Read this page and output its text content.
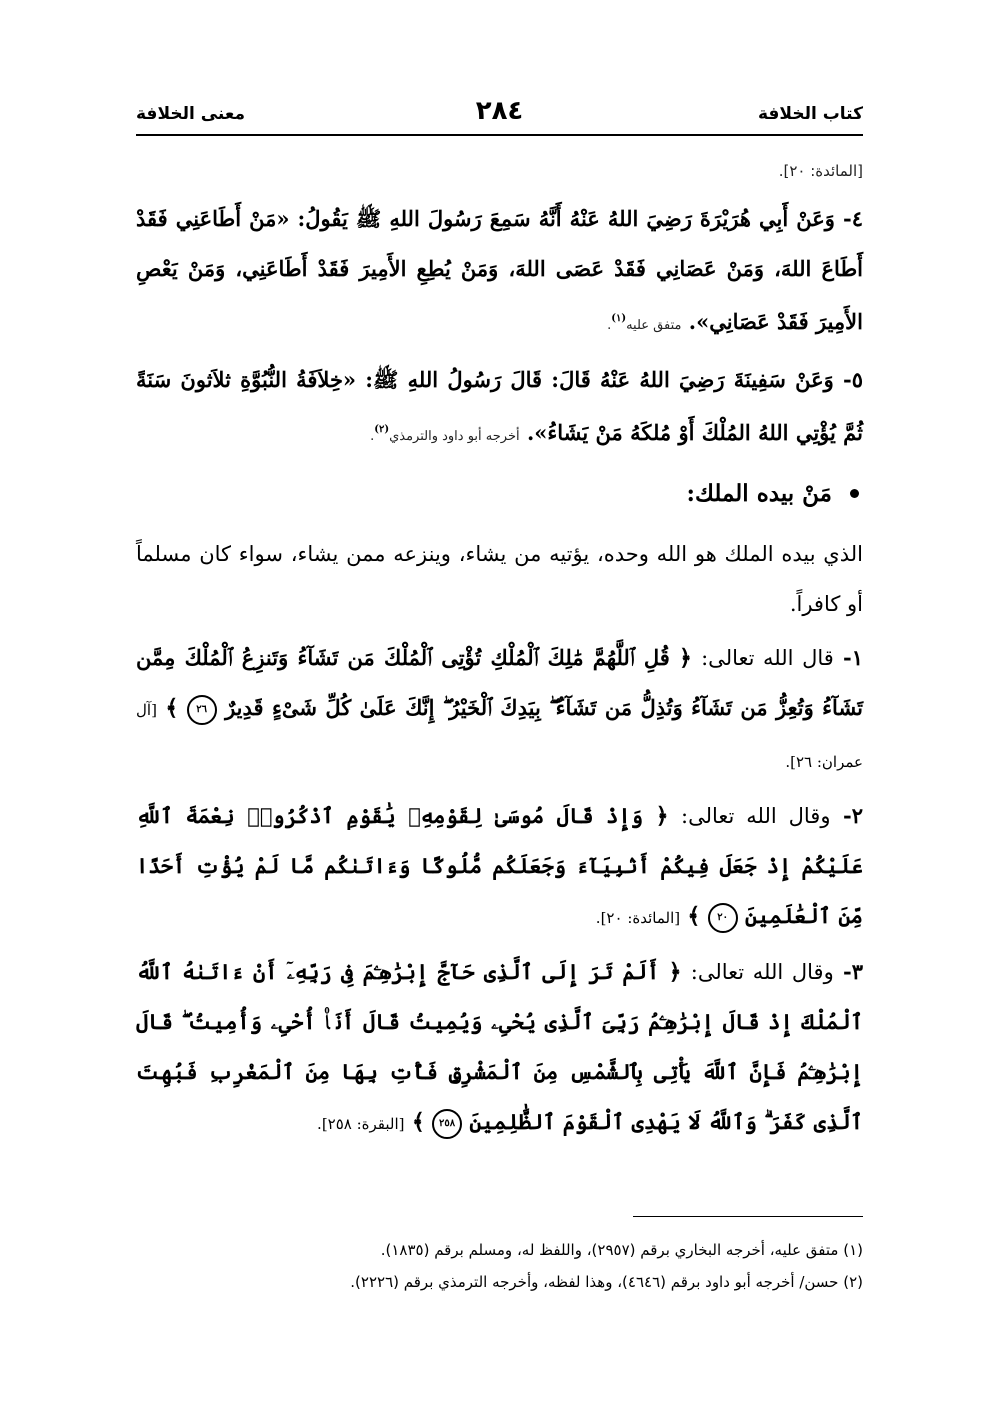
كتاب الخلافة
٢٨٤
معنى الخلافة

[المائدة: ٢٠].

٤- وَعَنْ أَبِي هُرَيْرَةَ رَضِيَ اللهُ عَنْهُ أَنَّهُ سَمِعَ رَسُولَ اللهِ ﷺ يَقُولُ: «مَنْ أَطَاعَنِي فَقَدْ أَطَاعَ اللهَ، وَمَنْ عَصَانِي فَقَدْ عَصَى اللهَ، وَمَنْ يُطِعِ الأَمِيرَ فَقَدْ أَطَاعَنِي، وَمَنْ يَعْصِ الأَمِيرَ فَقَدْ عَصَانِي». متفق عليه$^{(١)}$.

٥- وَعَنْ سَفِينَةَ رَضِيَ اللهُ عَنْهُ قَالَ: قَالَ رَسُولُ اللهِ ﷺ: «خِلاَفَةُ النُّبُوَّةِ ثلاَثونَ سَنَةً ثُمَّ يُؤْتِي اللهُ المُلْكَ أَوْ مُلكَهُ مَنْ يَشَاءُ». أخرجه أبو داود والترمذي$^{(٢)}$.

مَنْ بيده الملك:

الذي بيده الملك هو الله وحده، يؤتيه من يشاء، وينزعه ممن يشاء، سواء كان مسلماً أو كافراً.

١- قال الله تعالى: ﴿ قُلِ ٱللَّهُمَّ مَٰلِكَ ٱلْمُلْكِ تُؤْتِى ٱلْمُلْكَ مَن تَشَآءُ وَتَنزِعُ ٱلْمُلْكَ مِمَّن تَشَآءُ وَتُعِزُّ مَن تَشَآءُ وَتُذِلُّ مَن تَشَآءُ ۖ بِيَدِكَ ٱلْخَيْرُ ۖ إِنَّكَ عَلَىٰ كُلِّ شَىْءٍ قَدِيرٌ ٢٦ ﴾ [آل عمران: ٢٦].

٢- وقال الله تعالى: ﴿ وَإِذْ قَالَ مُوسَىٰ لِقَوْمِهِۦ يَٰقَوْمِ ٱذْكُرُوا۟ نِعْمَةَ ٱللَّهِ عَلَيْكُمْ إِذْ جَعَلَ فِيكُمْ أَنۢبِيَآءَ وَجَعَلَكُم مُّلُوكًا وَءَاتَىٰكُم مَّا لَمْ يُؤْتِ أَحَدًا مِّنَ ٱلْعَٰلَمِينَ ٢٠ ﴾ [المائدة: ٢٠].

٣- وقال الله تعالى: ﴿ أَلَمْ تَرَ إِلَى ٱلَّذِى حَآجَّ إِبْرَٰهِـۧمَ فِى رَبِّهِۦٓ أَنْ ءَاتَىٰهُ ٱللَّهُ ٱلْمُلْكَ إِذْ قَالَ إِبْرَٰهِـۧمُ رَبِّىَ ٱلَّذِى يُحْىِۦ وَيُمِيتُ قَالَ أَنَا۠ أُحْىِۦ وَأُمِيتُ ۖ قَالَ إِبْرَٰهِـۧمُ فَإِنَّ ٱللَّهَ يَأْتِى بِٱلشَّمْسِ مِنَ ٱلْمَشْرِقِ فَأْتِ بِهَا مِنَ ٱلْمَغْرِبِ فَبُهِتَ ٱلَّذِى كَفَرَ ۗ وَٱللَّهُ لَا يَهْدِى ٱلْقَوْمَ ٱلظَّٰلِمِينَ ٢٥٨ ﴾ [البقرة: ٢٥٨].

(١) متفق عليه، أخرجه البخاري برقم (٢٩٥٧)، واللفظ له، ومسلم برقم (١٨٣٥).

(٢) حسن/ أخرجه أبو داود برقم (٤٦٤٦)، وهذا لفظه، وأخرجه الترمذي برقم (٢٢٢٦).
